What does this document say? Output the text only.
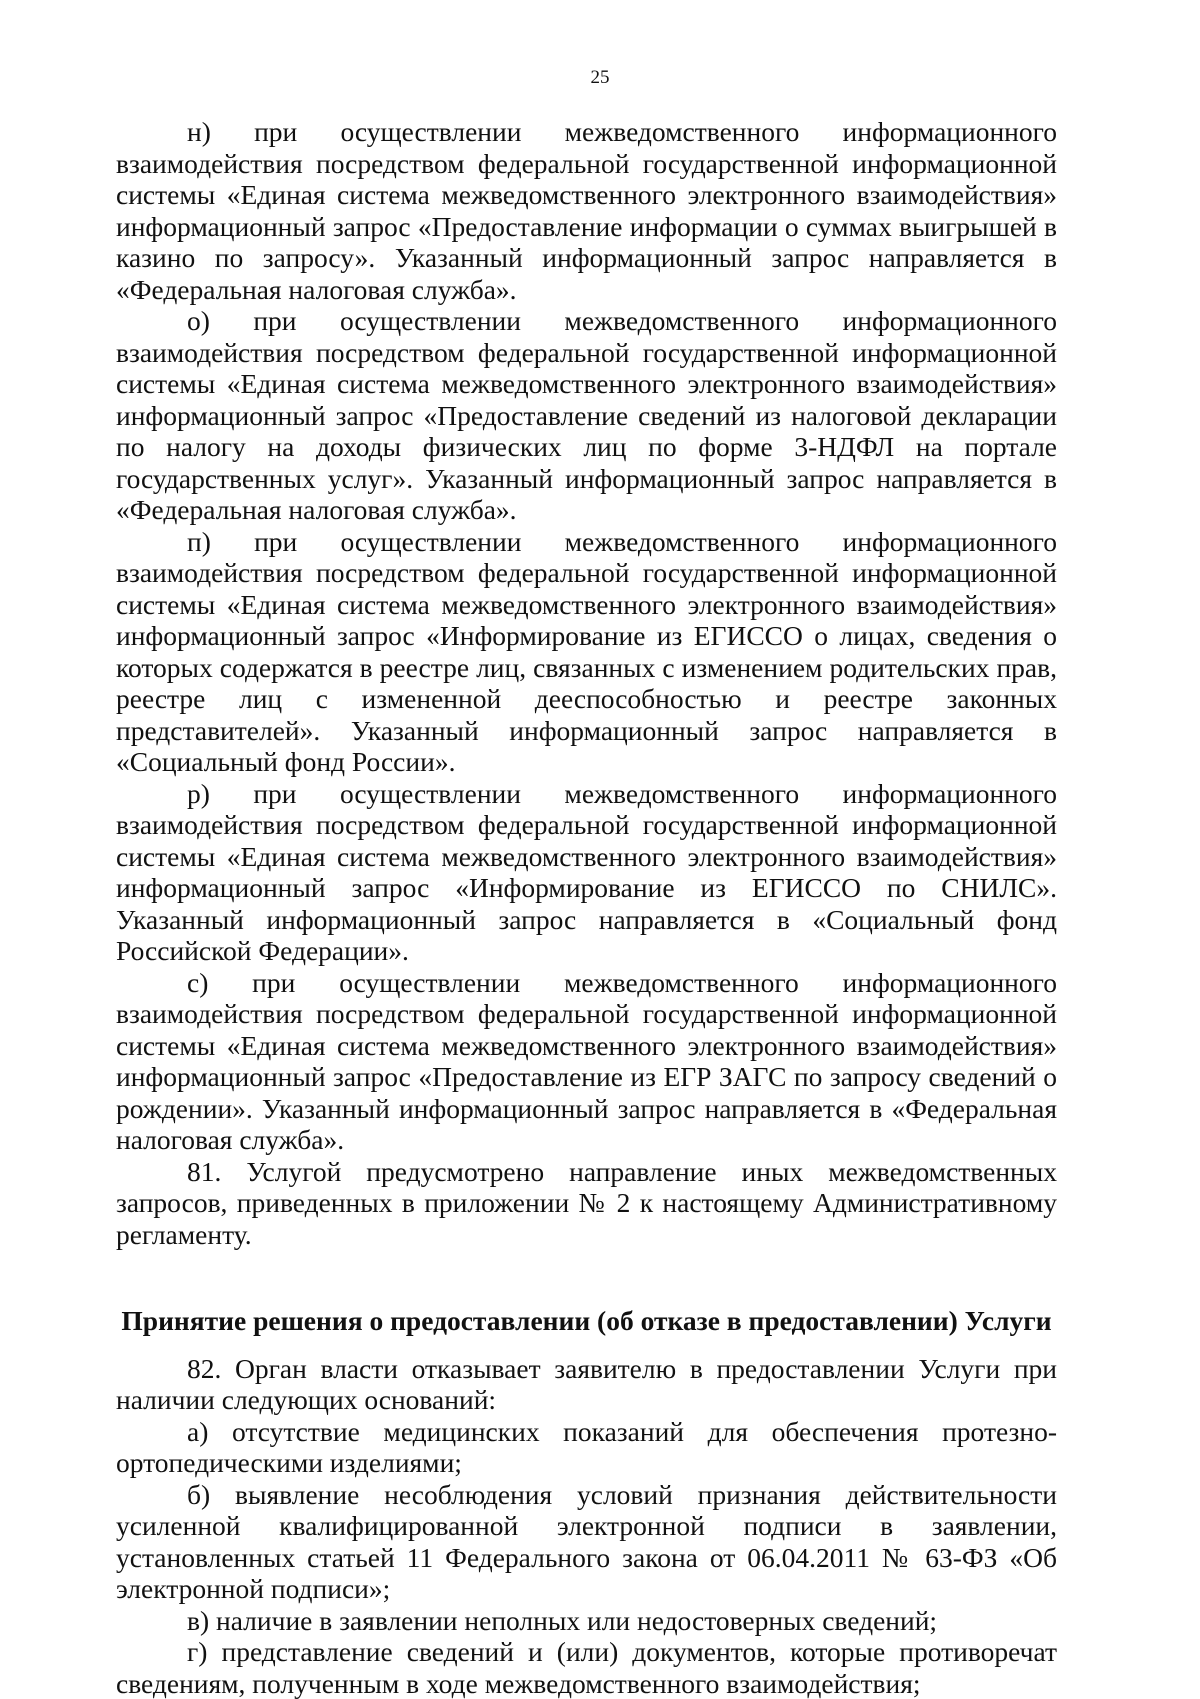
25

н) при осуществлении межведомственного информационного взаимодействия посредством федеральной государственной информационной системы «Единая система межведомственного электронного взаимодействия» информационный запрос «Предоставление информации о суммах выигрышей в казино по запросу». Указанный информационный запрос направляется в «Федеральная налоговая служба».

о) при осуществлении межведомственного информационного взаимодействия посредством федеральной государственной информационной системы «Единая система межведомственного электронного взаимодействия» информационный запрос «Предоставление сведений из налоговой декларации по налогу на доходы физических лиц по форме 3-НДФЛ на портале государственных услуг». Указанный информационный запрос направляется в «Федеральная налоговая служба».

п) при осуществлении межведомственного информационного взаимодействия посредством федеральной государственной информационной системы «Единая система межведомственного электронного взаимодействия» информационный запрос «Информирование из ЕГИССО о лицах, сведения о которых содержатся в реестре лиц, связанных с изменением родительских прав, реестре лиц с измененной дееспособностью и реестре законных представителей». Указанный информационный запрос направляется в «Социальный фонд России».

р) при осуществлении межведомственного информационного взаимодействия посредством федеральной государственной информационной системы «Единая система межведомственного электронного взаимодействия» информационный запрос «Информирование из ЕГИССО по СНИЛС». Указанный информационный запрос направляется в «Социальный фонд Российской Федерации».

с) при осуществлении межведомственного информационного взаимодействия посредством федеральной государственной информационной системы «Единая система межведомственного электронного взаимодействия» информационный запрос «Предоставление из ЕГР ЗАГС по запросу сведений о рождении». Указанный информационный запрос направляется в «Федеральная налоговая служба».

81. Услугой предусмотрено направление иных межведомственных запросов, приведенных в приложении № 2 к настоящему Административному регламенту.

Принятие решения о предоставлении (об отказе в предоставлении) Услуги

82. Орган власти отказывает заявителю в предоставлении Услуги при наличии следующих оснований:

а) отсутствие медицинских показаний для обеспечения протезно-ортопедическими изделиями;

б) выявление несоблюдения условий признания действительности усиленной квалифицированной электронной подписи в заявлении, установленных статьей 11 Федерального закона от 06.04.2011 № 63-ФЗ «Об электронной подписи»;

в) наличие в заявлении неполных или недостоверных сведений;

г) представление сведений и (или) документов, которые противоречат сведениям, полученным в ходе межведомственного взаимодействия;
